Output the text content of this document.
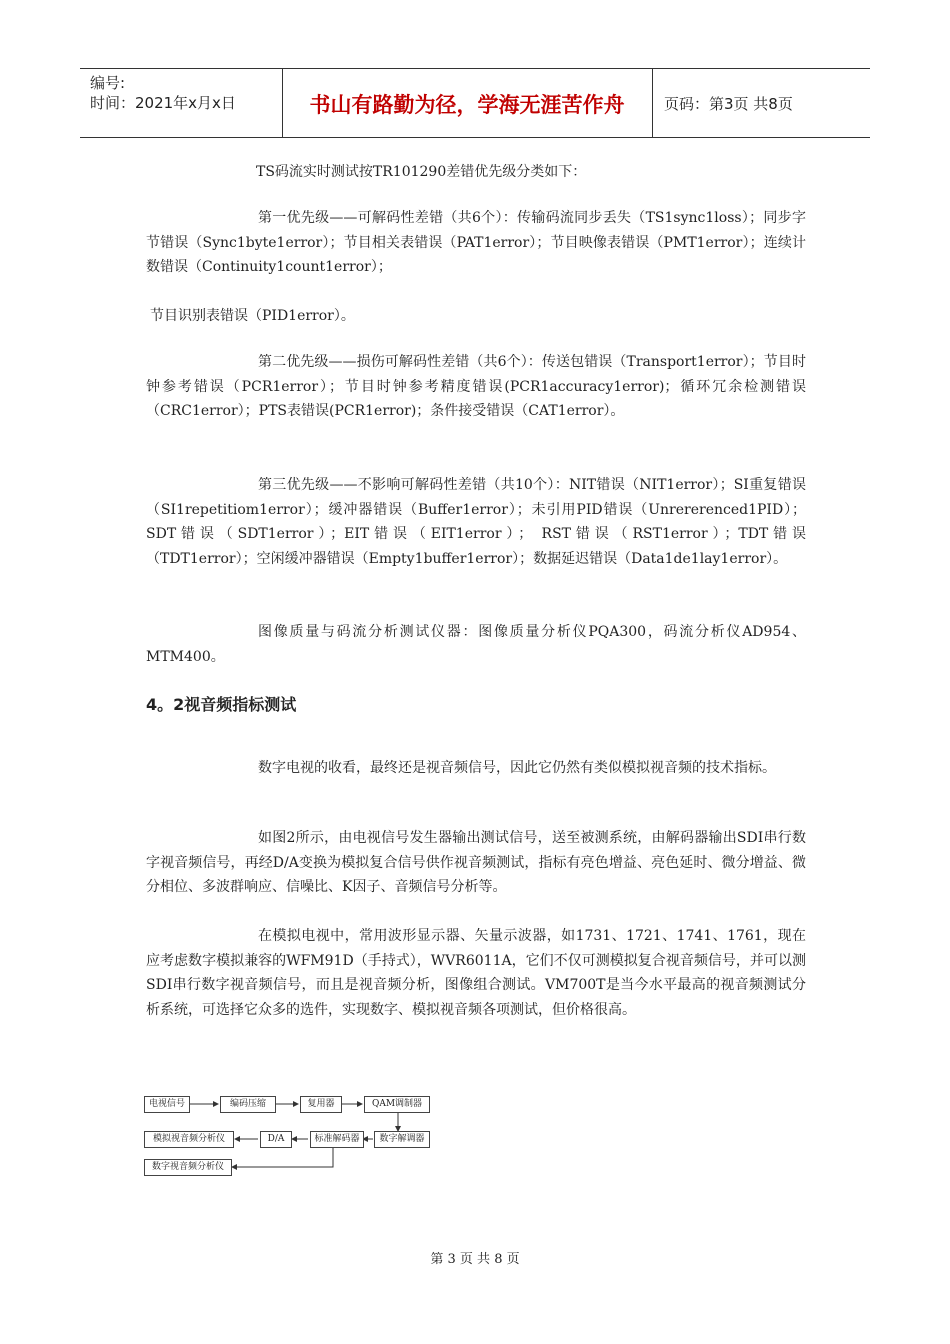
编号:
时间：2021年x月x日	书山有路勤为径，学海无涯苦作舟	页码：第3页 共8页

TS码流实时测试按TR101290差错优先级分类如下：

第一优先级——可解码性差错（共6个）：传输码流同步丢失（TS1sync1loss）；同步字节错误（Sync1byte1error）；节目相关表错误（PAT1error）；节目映像表错误（PMT1error）；连续计数错误（Continuity1count1error）；

节目识别表错误（PID1error）。

第二优先级——损伤可解码性差错（共6个）：传送包错误（Transport1error）；节目时钟参考错误（PCR1error）；节目时钟参考精度错误(PCR1accuracy1error)；循环冗余检测错误（CRC1error）；PTS表错误(PCR1error)；条件接受错误（CAT1error）。

第三优先级——不影响可解码性差错（共10个）：NIT错误（NIT1error）；SI重复错误（SI1repetitiom1error）；缓冲器错误（Buffer1error）；未引用PID错误（Unrererenced1PID）；SDT错误（SDT1error）；EIT错误（EIT1error）； RST错误（RST1error）；TDT错误（TDT1error）；空闲缓冲器错误（Empty1buffer1error）；数据延迟错误（Data1de1lay1error）。

图像质量与码流分析测试仪器：图像质量分析仪PQA300，码流分析仪AD954、MTM400。

4。2视音频指标测试

数字电视的收看，最终还是视音频信号，因此它仍然有类似模拟视音频的技术指标。

如图2所示，由电视信号发生器输出测试信号，送至被测系统，由解码器输出SDI串行数字视音频信号，再经D/A变换为模拟复合信号供作视音频测试，指标有亮色增益、亮色延时、微分增益、微分相位、多波群响应、信噪比、K因子、音频信号分析等。

在模拟电视中，常用波形显示器、矢量示波器，如1731、1721、1741、1761，现在应考虑数字模拟兼容的WFM91D（手持式），WVR6011A，它们不仅可测模拟复合视音频信号，并可以测SDI串行数字视音频信号，而且是视音频分析，图像组合测试。VM700T是当今水平最高的视音频测试分析系统，可选择它众多的选件，实现数字、模拟视音频各项测试，但价格很高。

电视信号	编码压缩	复用器	QAM调制器
数字解调器
标准解码器
D/A
模拟视音频分析仪
数字视音频分析仪
第 3 页 共 8 页
